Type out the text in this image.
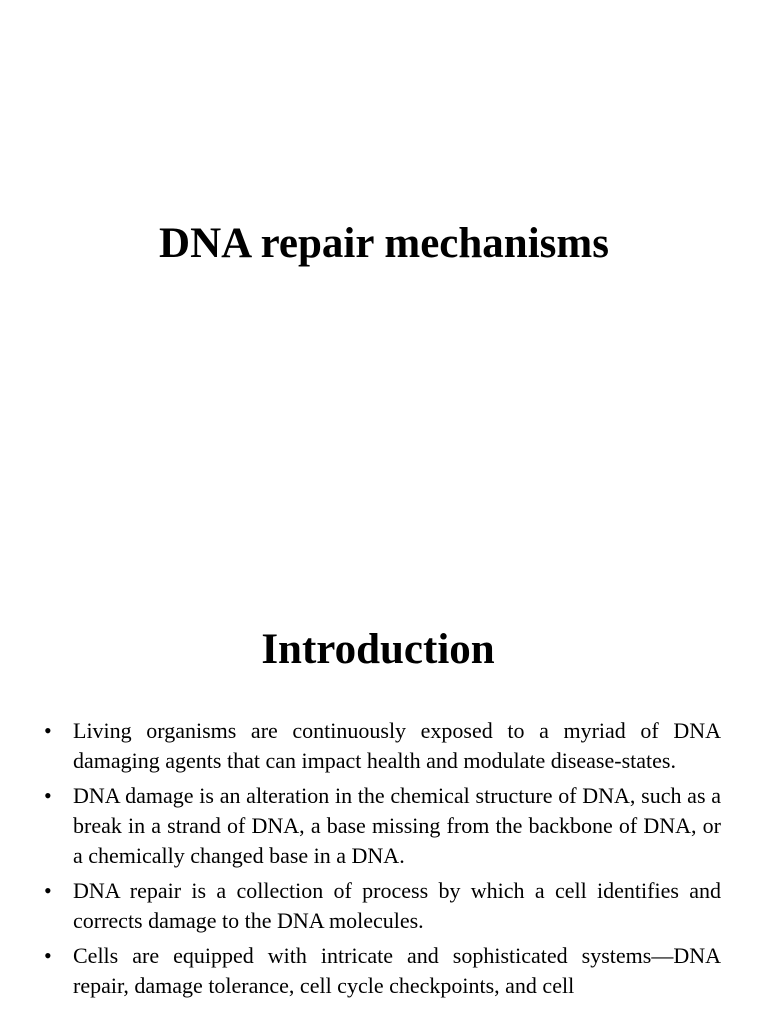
DNA repair mechanisms
Introduction
• Living organisms are continuously exposed to a myriad of DNA damaging agents that can impact health and modulate disease-states.
• DNA damage is an alteration in the chemical structure of DNA, such as a break in a strand of DNA, a base missing from the backbone of DNA, or a chemically changed base in a DNA.
• DNA repair is a collection of process by which a cell identifies and corrects damage to the DNA molecules.
• Cells are equipped with intricate and sophisticated systems—DNA repair, damage tolerance, cell cycle checkpoints, and cell
